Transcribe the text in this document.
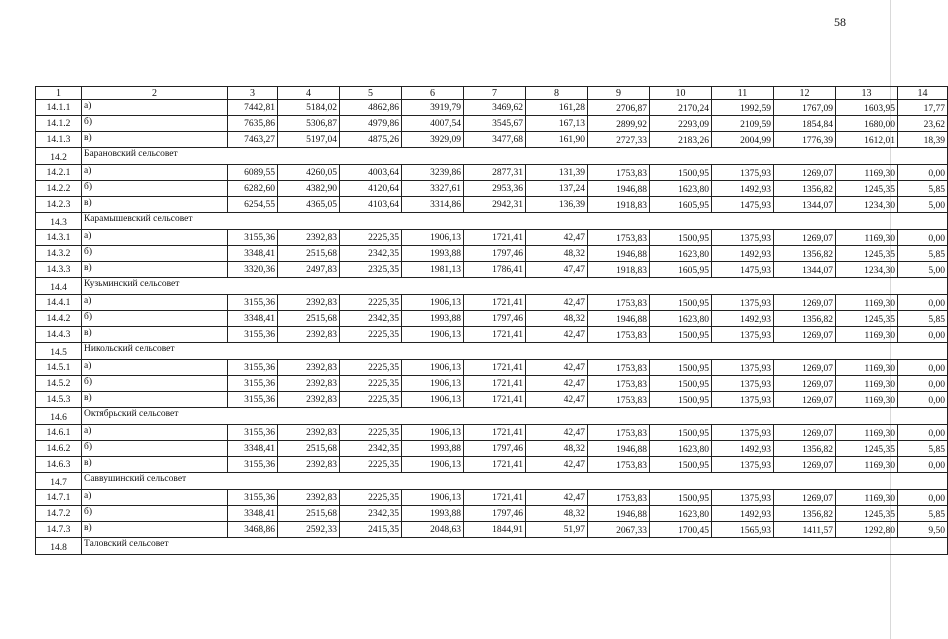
58
1	2	3	4	5	6	7	8	9	10	11	12	13	14
14.1.1	а)	7442,81	5184,02	4862,86	3919,79	3469,62	161,28	2706,87	2170,24	1992,59	1767,09	1603,95	17,77
14.1.2	б)	7635,86	5306,87	4979,86	4007,54	3545,67	167,13	2899,92	2293,09	2109,59	1854,84	1680,00	23,62
14.1.3	в)	7463,27	5197,04	4875,26	3929,09	3477,68	161,90	2727,33	2183,26	2004,99	1776,39	1612,01	18,39
14.2	Барановский сельсовет												
14.2.1	а)	6089,55	4260,05	4003,64	3239,86	2877,31	131,39	1753,83	1500,95	1375,93	1269,07	1169,30	0,00
14.2.2	б)	6282,60	4382,90	4120,64	3327,61	2953,36	137,24	1946,88	1623,80	1492,93	1356,82	1245,35	5,85
14.2.3	в)	6254,55	4365,05	4103,64	3314,86	2942,31	136,39	1918,83	1605,95	1475,93	1344,07	1234,30	5,00
14.3	Карамышевский сельсовет												
14.3.1	а)	3155,36	2392,83	2225,35	1906,13	1721,41	42,47	1753,83	1500,95	1375,93	1269,07	1169,30	0,00
14.3.2	б)	3348,41	2515,68	2342,35	1993,88	1797,46	48,32	1946,88	1623,80	1492,93	1356,82	1245,35	5,85
14.3.3	в)	3320,36	2497,83	2325,35	1981,13	1786,41	47,47	1918,83	1605,95	1475,93	1344,07	1234,30	5,00
14.4	Кузьминский сельсовет												
14.4.1	а)	3155,36	2392,83	2225,35	1906,13	1721,41	42,47	1753,83	1500,95	1375,93	1269,07	1169,30	0,00
14.4.2	б)	3348,41	2515,68	2342,35	1993,88	1797,46	48,32	1946,88	1623,80	1492,93	1356,82	1245,35	5,85
14.4.3	в)	3155,36	2392,83	2225,35	1906,13	1721,41	42,47	1753,83	1500,95	1375,93	1269,07	1169,30	0,00
14.5	Никольский сельсовет												
14.5.1	а)	3155,36	2392,83	2225,35	1906,13	1721,41	42,47	1753,83	1500,95	1375,93	1269,07	1169,30	0,00
14.5.2	б)	3155,36	2392,83	2225,35	1906,13	1721,41	42,47	1753,83	1500,95	1375,93	1269,07	1169,30	0,00
14.5.3	в)	3155,36	2392,83	2225,35	1906,13	1721,41	42,47	1753,83	1500,95	1375,93	1269,07	1169,30	0,00
14.6	Октябрьский сельсовет												
14.6.1	а)	3155,36	2392,83	2225,35	1906,13	1721,41	42,47	1753,83	1500,95	1375,93	1269,07	1169,30	0,00
14.6.2	б)	3348,41	2515,68	2342,35	1993,88	1797,46	48,32	1946,88	1623,80	1492,93	1356,82	1245,35	5,85
14.6.3	в)	3155,36	2392,83	2225,35	1906,13	1721,41	42,47	1753,83	1500,95	1375,93	1269,07	1169,30	0,00
14.7	Саввушинский сельсовет												
14.7.1	а)	3155,36	2392,83	2225,35	1906,13	1721,41	42,47	1753,83	1500,95	1375,93	1269,07	1169,30	0,00
14.7.2	б)	3348,41	2515,68	2342,35	1993,88	1797,46	48,32	1946,88	1623,80	1492,93	1356,82	1245,35	5,85
14.7.3	в)	3468,86	2592,33	2415,35	2048,63	1844,91	51,97	2067,33	1700,45	1565,93	1411,57	1292,80	9,50
14.8	Таловский сельсовет												
